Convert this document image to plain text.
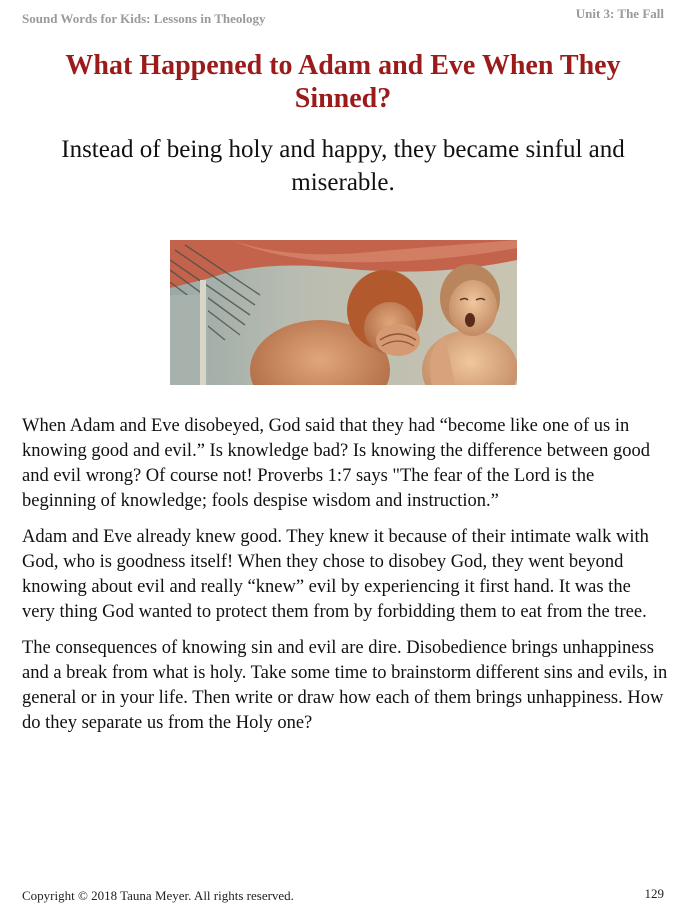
Sound Words for Kids: Lessons in Theology	Unit 3: The Fall
What Happened to Adam and Eve When They Sinned?

Instead of being holy and happy, they became sinful and miserable.

When Adam and Eve disobeyed, God said that they had “become like one of us in knowing good and evil.” Is knowledge bad? Is knowing the difference between good and evil wrong? Of course not! Proverbs 1:7 says "The fear of the Lord is the beginning of knowledge; fools despise wisdom and instruction.”

Adam and Eve already knew good. They knew it because of their intimate walk with God, who is goodness itself! When they chose to disobey God, they went beyond knowing about evil and really “knew” evil by experiencing it first hand. It was the very thing God wanted to protect them from by forbidding them to eat from the tree.

The consequences of knowing sin and evil are dire. Disobedience brings unhappiness and a break from what is holy. Take some time to brainstorm different sins and evils, in general or in your life. Then write or draw how each of them brings unhappiness. How do they separate us from the Holy one?

Copyright © 2018 Tauna Meyer. All rights reserved.	129
